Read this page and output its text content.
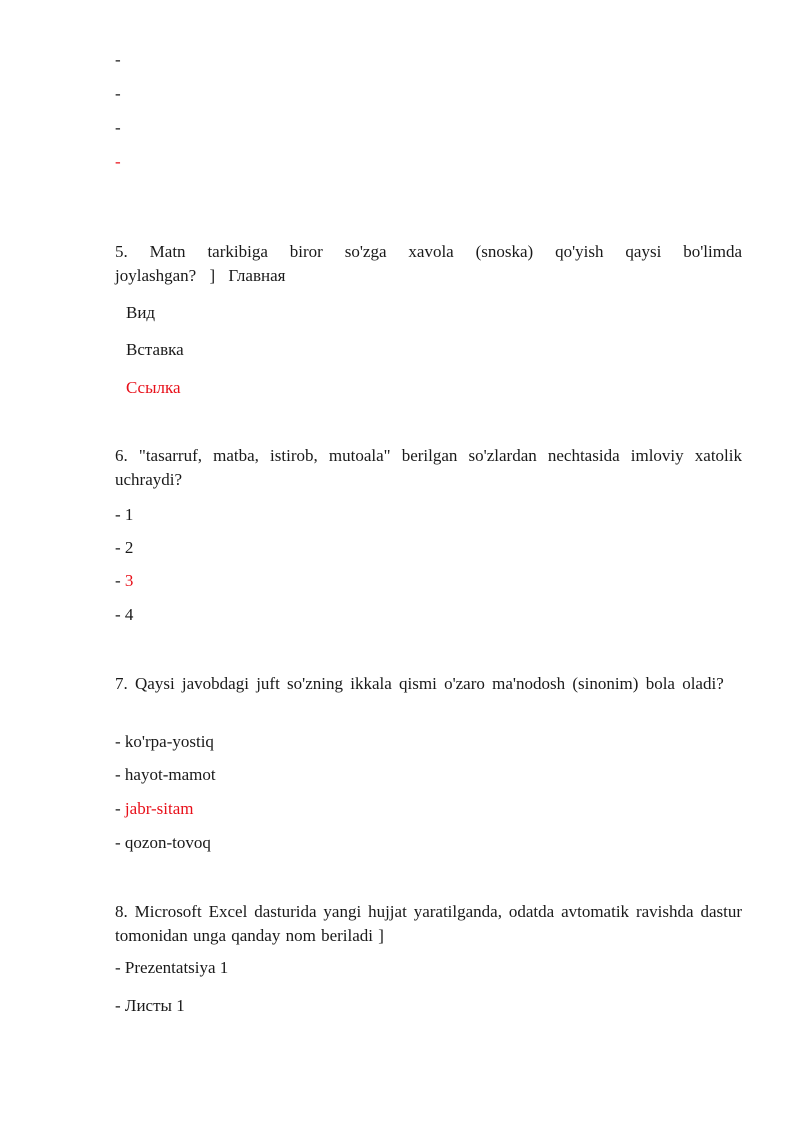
-
-
-
-
5. Matn tarkibiga biror so'zga xavola (snoska) qo'yish qaysi bo'limda joylashgan? ] Главная
Вид
Вставка
Ссылка
6. "tasarruf, matba, istirob, mutoala" berilgan so'zlardan nechtasida imloviy xatolik uchraydi?
- 1
- 2
- 3
- 4
7. Qaysi javobdagi juft so'zning ikkala qismi o'zaro ma'nodosh (sinonim) bola oladi?
- ko'rpa-yostiq
- hayot-mamot
- jabr-sitam
- qozon-tovoq
8. Microsoft Excel dasturida yangi hujjat yaratilganda, odatda avtomatik ravishda dastur tomonidan unga qanday nom beriladi ]
- Prezentatsiya 1
- Листы 1
